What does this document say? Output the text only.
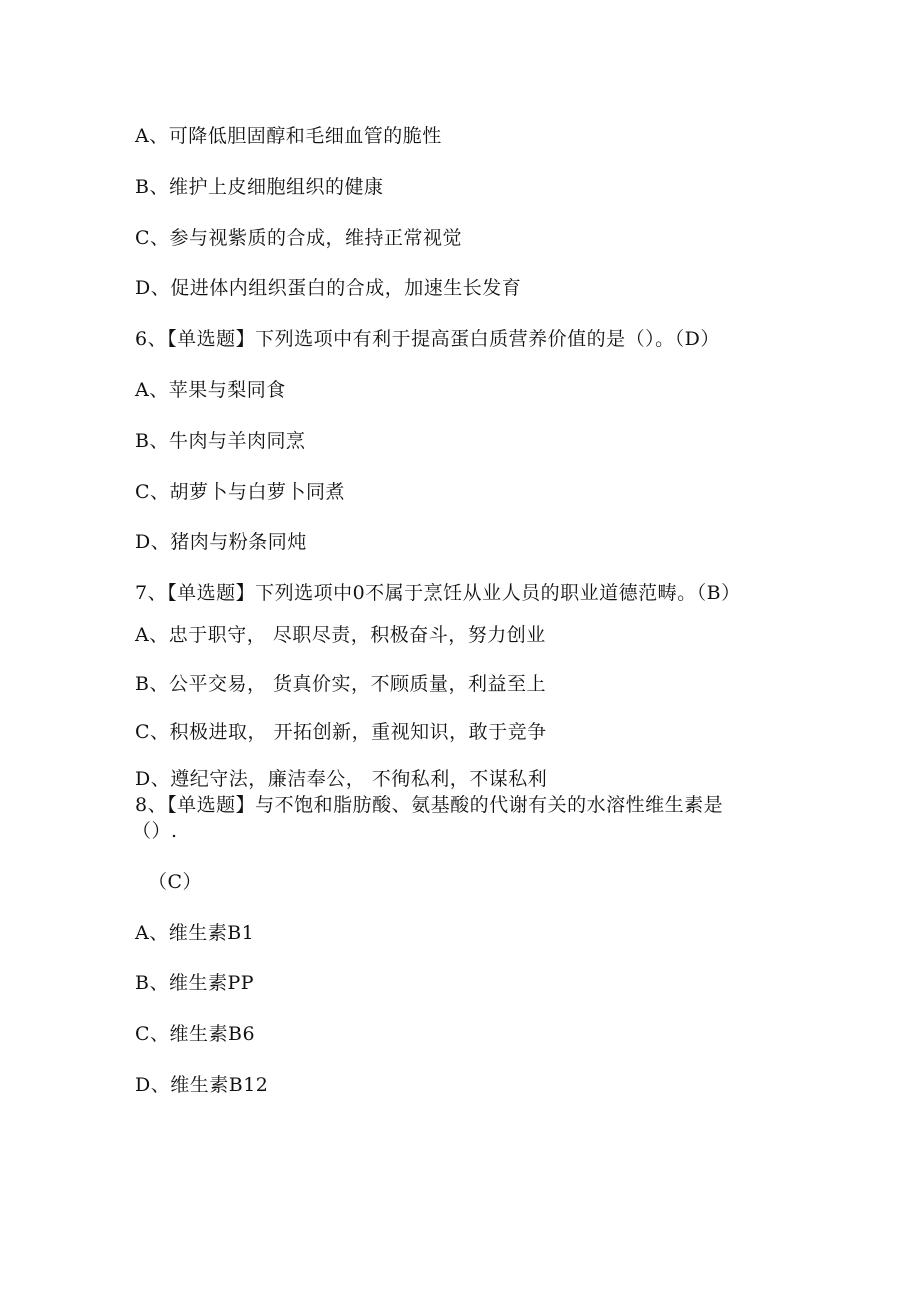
A、可降低胆固醇和毛细血管的脆性
B、维护上皮细胞组织的健康
C、参与视紫质的合成，维持正常视觉
D、促进体内组织蛋白的合成，加速生长发育
6、【单选题】下列选项中有利于提高蛋白质营养价值的是（）。（D）
A、苹果与梨同食
B、牛肉与羊肉同烹
C、胡萝卜与白萝卜同煮
D、猪肉与粉条同炖
7、【单选题】下列选项中0不属于烹饪从业人员的职业道德范畴。（B）
A、忠于职守， 尽职尽责，积极奋斗，努力创业
B、公平交易， 货真价实，不顾质量，利益至上
C、积极进取， 开拓创新，重视知识，敢于竞争
D、遵纪守法，廉洁奉公， 不徇私利，不谋私利
8、【单选题】与不饱和脂肪酸、氨基酸的代谢有关的水溶性维生素是
（）.
（C）
A、维生素B1
B、维生素PP
C、维生素B6
D、维生素B12
